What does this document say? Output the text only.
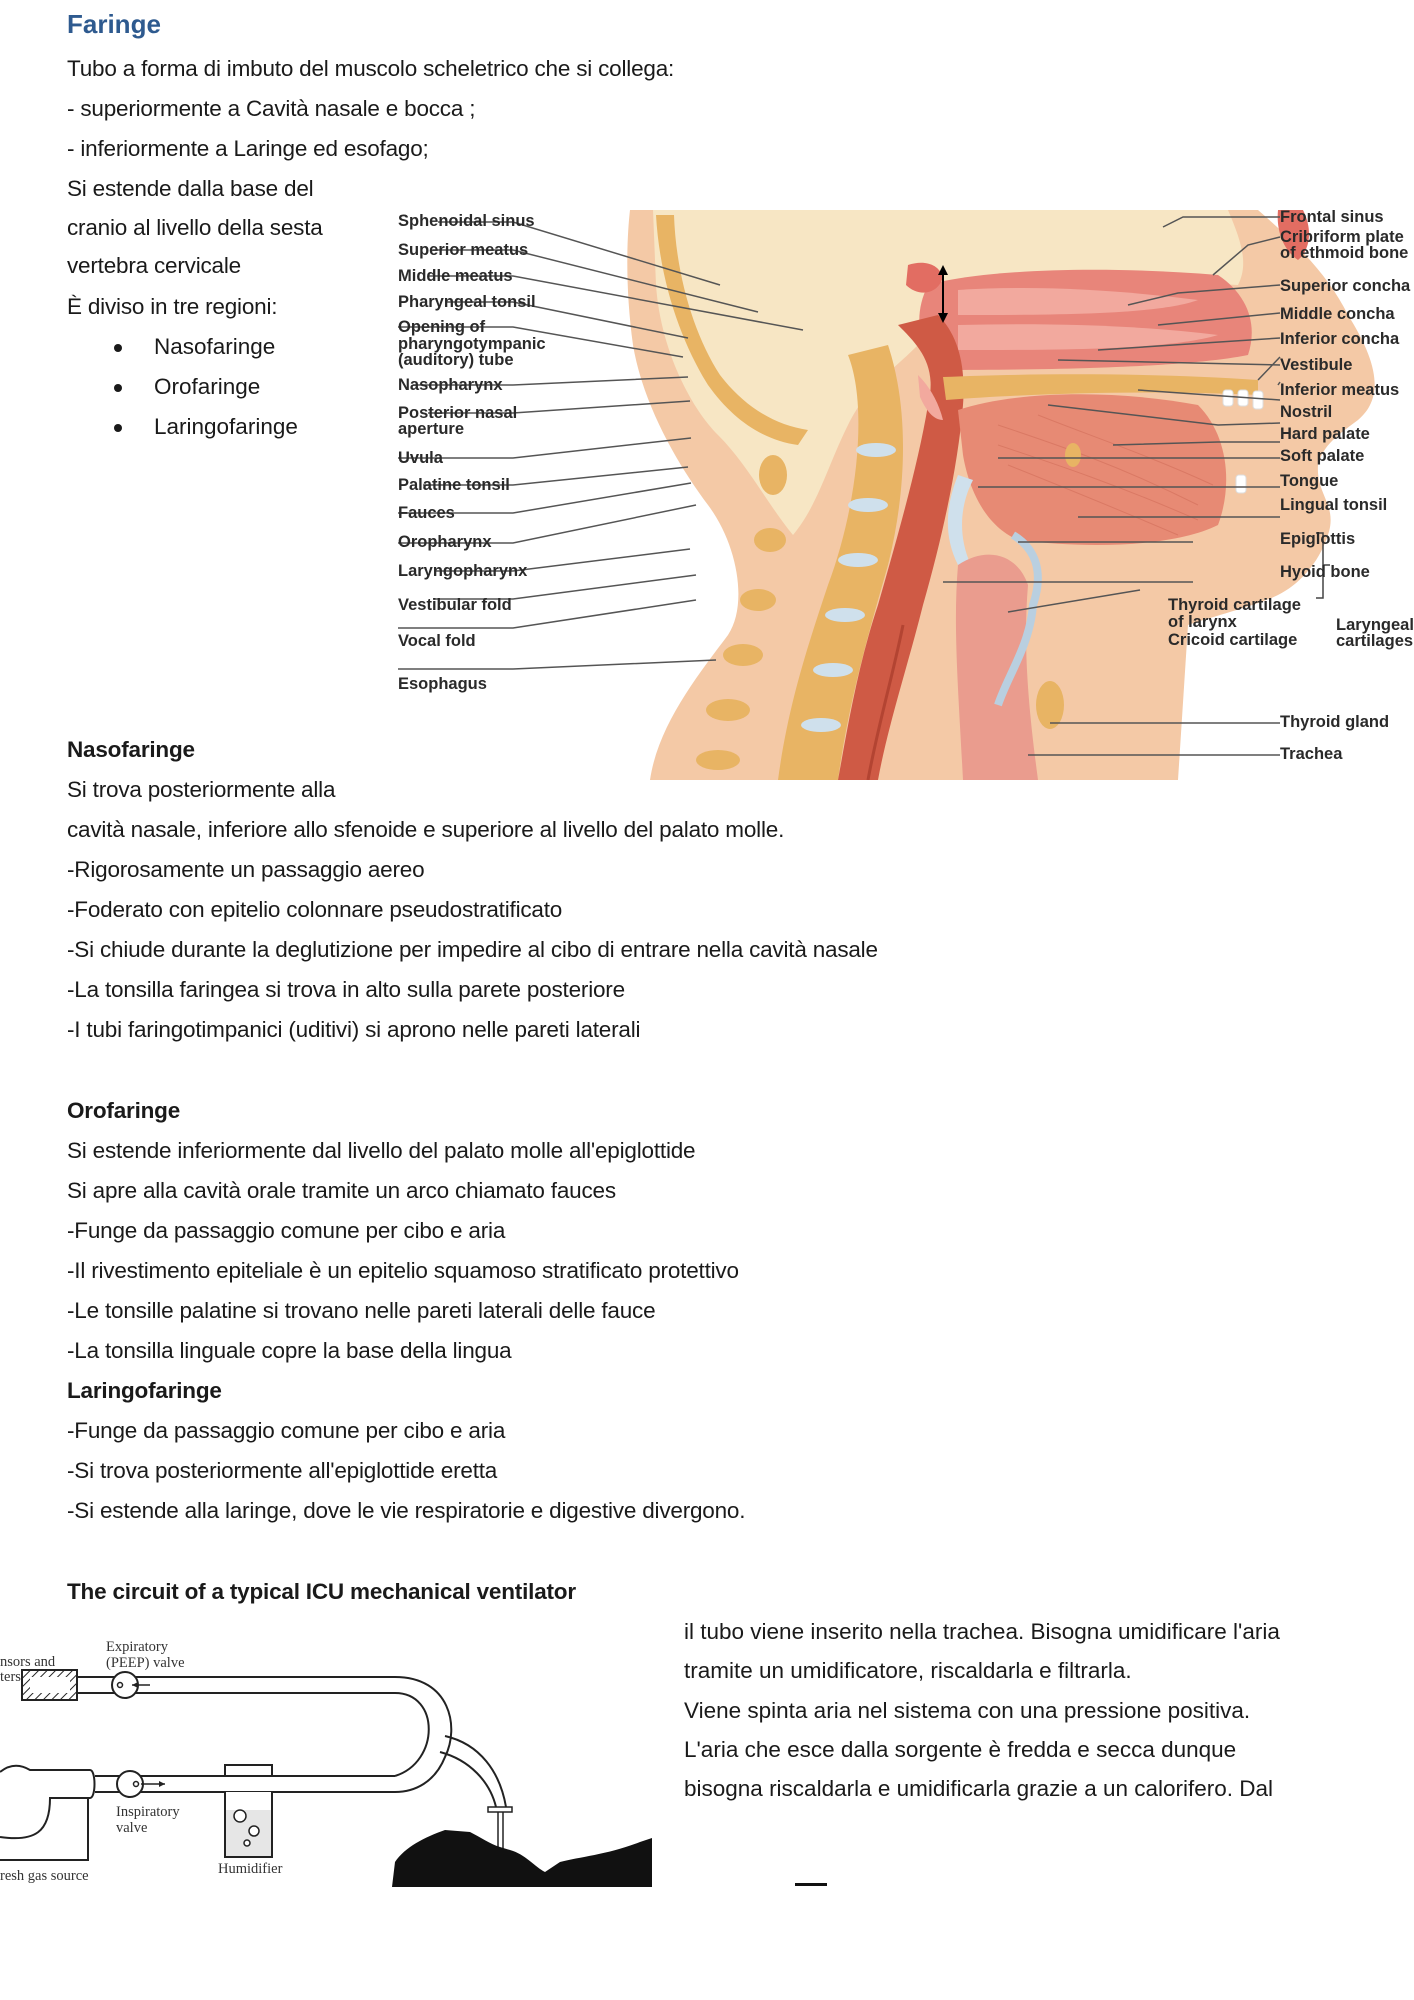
Faringe
Tubo a forma di imbuto del muscolo scheletrico che si collega:
- superiormente a Cavità nasale e bocca ;
- inferiormente a Laringe ed esofago;
Si estende dalla base del
cranio al livello della sesta
vertebra cervicale
È diviso in tre regioni:
Nasofaringe
Orofaringe
Laringofaringe
Sphenoidal sinus
Superior meatus
Middle meatus
Pharyngeal tonsil
Opening of
pharyngotympanic
(auditory) tube
Nasopharynx
Posterior nasal
aperture
Uvula
Palatine tonsil
Fauces
Oropharynx
Laryngopharynx
Vestibular fold
Vocal fold
Esophagus
Frontal sinus
Cribriform plate
of ethmoid bone
Superior concha
Middle concha
Inferior concha
Vestibule
Inferior meatus
Nostril
Hard palate
Soft palate
Tongue
Lingual tonsil
Epiglottis
Hyoid bone
Thyroid cartilage
of larynx
Cricoid cartilage
Laryngeal
cartilages
Thyroid gland
Trachea
Nasofaringe
Si trova posteriormente alla
cavità nasale, inferiore allo sfenoide e superiore al livello del palato molle.
-Rigorosamente un passaggio aereo
-Foderato con epitelio colonnare pseudostratificato
-Si chiude durante la deglutizione per impedire al cibo di entrare nella cavità nasale
-La tonsilla faringea si trova in alto sulla parete posteriore
-I tubi faringotimpanici (uditivi) si aprono nelle pareti laterali
Orofaringe
Si estende inferiormente dal livello del palato molle all'epiglottide
Si apre alla cavità orale tramite un arco chiamato fauces
-Funge da passaggio comune per cibo e aria
-Il rivestimento epiteliale è un epitelio squamoso stratificato protettivo
-Le tonsille palatine si trovano nelle pareti laterali delle fauce
-La tonsilla linguale copre la base della lingua
Laringofaringe
-Funge da passaggio comune per cibo e aria
-Si trova posteriormente all'epiglottide eretta
-Si estende alla laringe, dove le vie respiratorie e digestive divergono.
The circuit of a typical ICU mechanical ventilator
nsors and
ters
Expiratory
(PEEP) valve
Inspiratory
valve
Humidifier
resh gas source
il tubo viene inserito nella trachea. Bisogna umidificare l'aria
tramite un umidificatore, riscaldarla e filtrarla.
Viene spinta aria nel sistema con una pressione positiva.
L'aria che esce dalla sorgente è fredda e secca dunque
bisogna riscaldarla e umidificarla grazie a un calorifero. Dal
